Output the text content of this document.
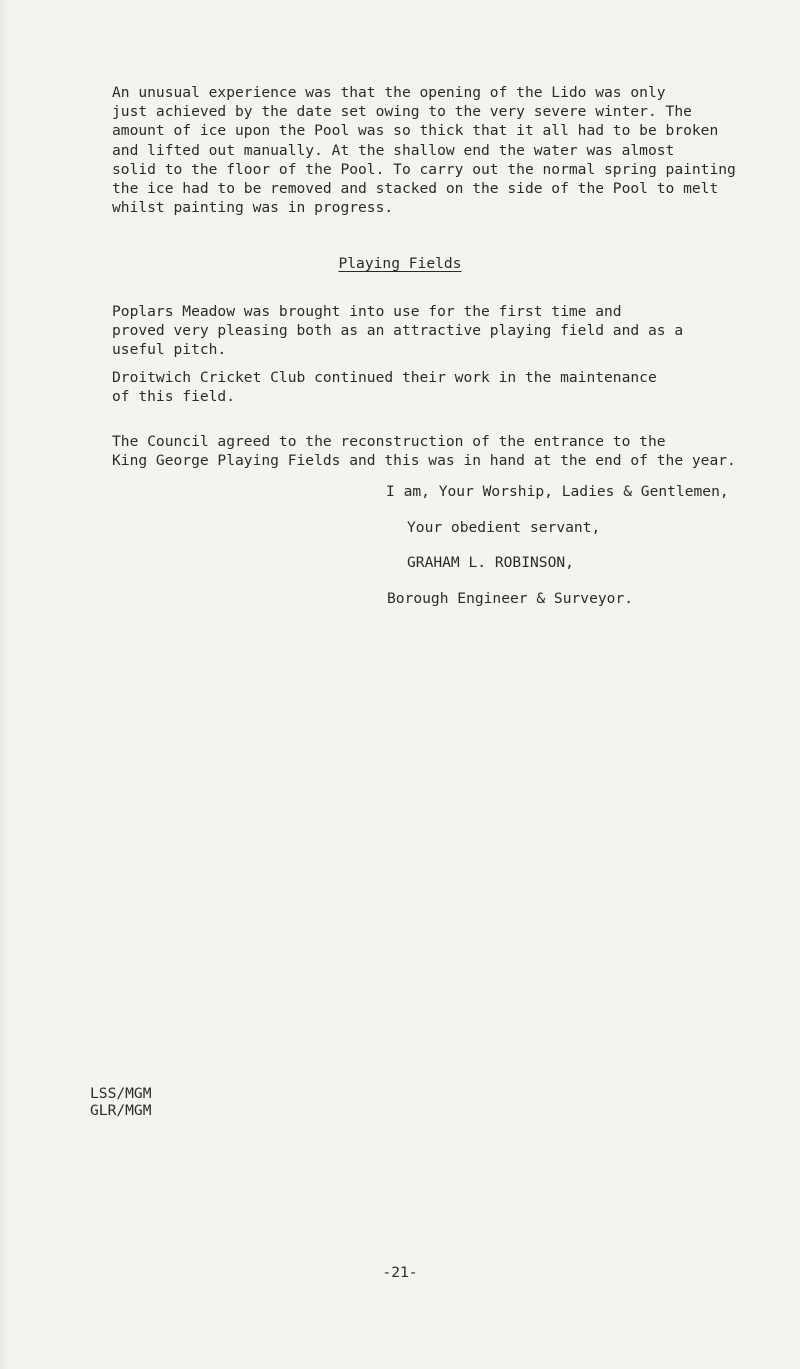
An unusual experience was that the opening of the Lido was only
just achieved by the date set owing to the very severe winter. The
amount of ice upon the Pool was so thick that it all had to be broken
and lifted out manually. At the shallow end the water was almost
solid to the floor of the Pool. To carry out the normal spring painting
the ice had to be removed and stacked on the side of the Pool to melt
whilst painting was in progress.

Playing Fields

Poplars Meadow was brought into use for the first time and
proved very pleasing both as an attractive playing field and as a
useful pitch.

Droitwich Cricket Club continued their work in the maintenance
of this field.

The Council agreed to the reconstruction of the entrance to the
King George Playing Fields and this was in hand at the end of the year.

I am, Your Worship, Ladies & Gentlemen,
Your obedient servant,
GRAHAM L. ROBINSON,
Borough Engineer & Surveyor.
LSS/MGM
GLR/MGM
-21-
